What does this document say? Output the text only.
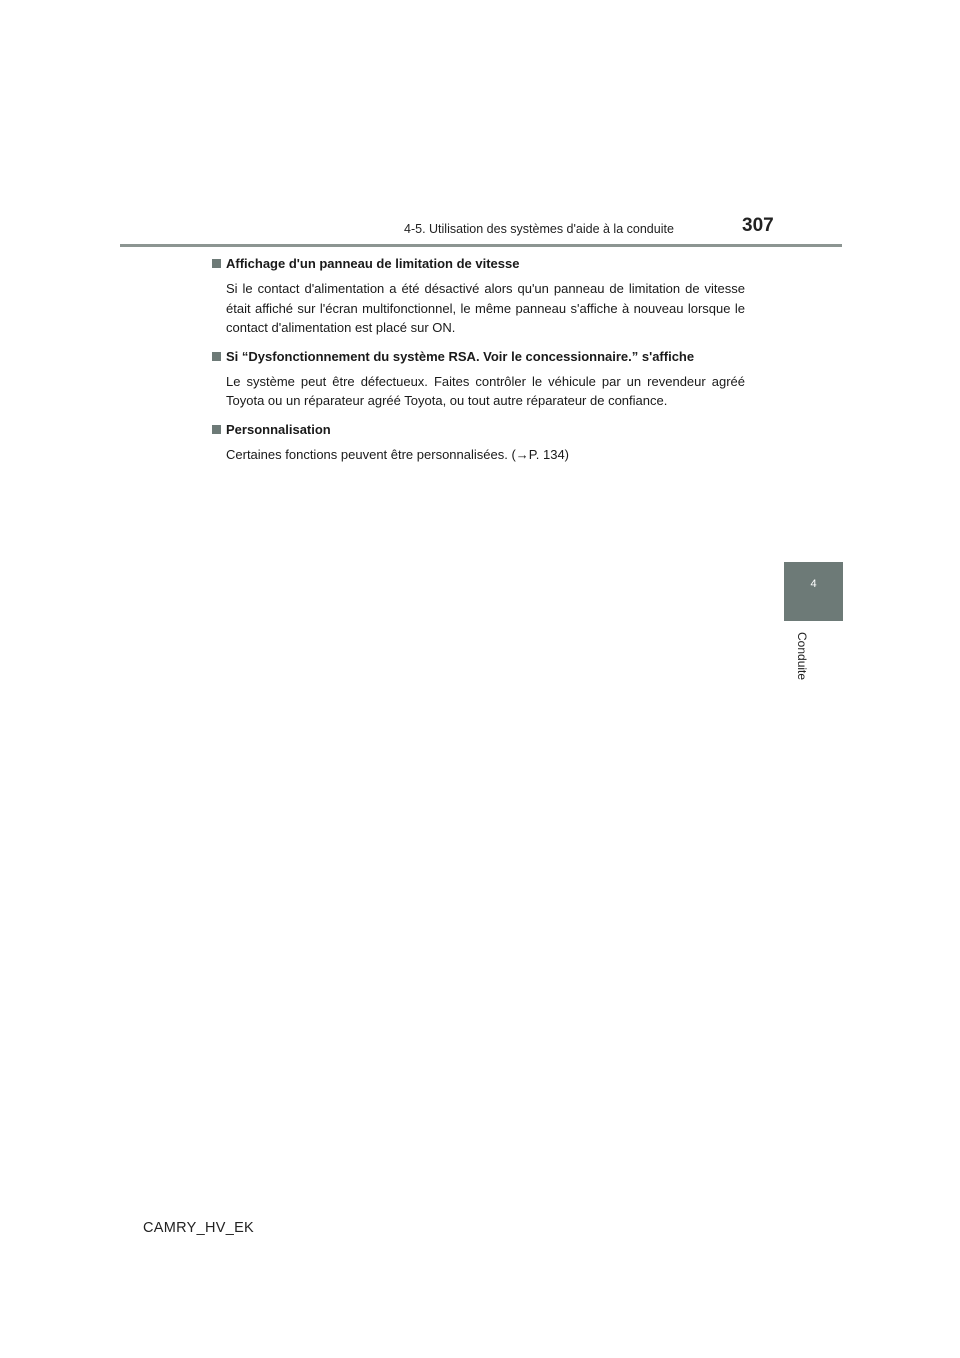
4-5. Utilisation des systèmes d'aide à la conduite	307
4
Conduite
Affichage d'un panneau de limitation de vitesse
Si le contact d'alimentation a été désactivé alors qu'un panneau de limitation de vitesse était affiché sur l'écran multifonctionnel, le même panneau s'affiche à nouveau lorsque le contact d'alimentation est placé sur ON.
Si “Dysfonctionnement du système RSA. Voir le concessionnaire.” s'affiche
Le système peut être défectueux. Faites contrôler le véhicule par un revendeur agréé Toyota ou un réparateur agréé Toyota, ou tout autre réparateur de confiance.
Personnalisation
Certaines fonctions peuvent être personnalisées. (→P. 134)
CAMRY_HV_EK
